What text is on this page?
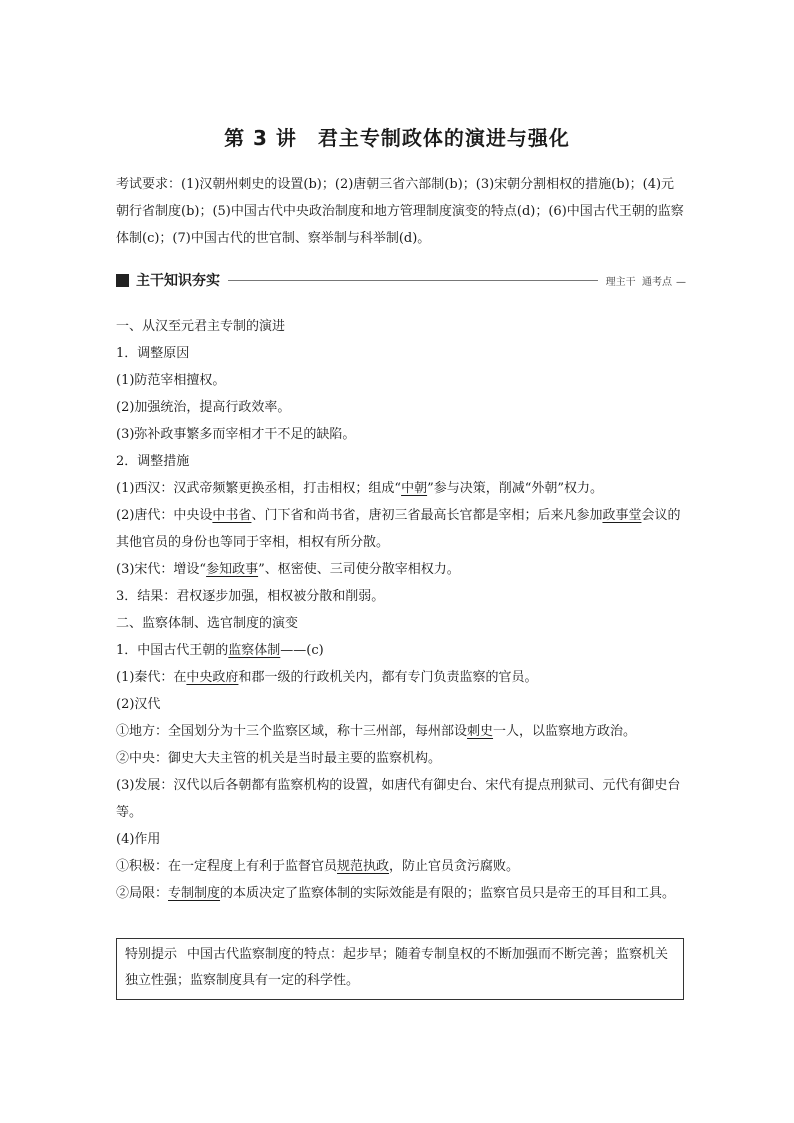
第 3 讲　君主专制政体的演进与强化

考试要求：(1)汉朝州刺史的设置(b)；(2)唐朝三省六部制(b)；(3)宋朝分割相权的措施(b)；(4)元朝行省制度(b)；(5)中国古代中央政治制度和地方管理制度演变的特点(d)；(6)中国古代王朝的监察体制(c)；(7)中国古代的世官制、察举制与科举制(d)。

主干知识夯实	理主干 通考点 —

一、从汉至元君主专制的演进

1．调整原因

(1)防范宰相擅权。

(2)加强统治，提高行政效率。

(3)弥补政事繁多而宰相才干不足的缺陷。

2．调整措施

(1)西汉：汉武帝频繁更换丞相，打击相权；组成“中朝”参与决策，削减“外朝”权力。

(2)唐代：中央设中书省、门下省和尚书省，唐初三省最高长官都是宰相；后来凡参加政事堂会议的其他官员的身份也等同于宰相，相权有所分散。

(3)宋代：增设“参知政事”、枢密使、三司使分散宰相权力。

3．结果：君权逐步加强，相权被分散和削弱。

二、监察体制、选官制度的演变

1．中国古代王朝的监察体制——(c)

(1)秦代：在中央政府和郡一级的行政机关内，都有专门负责监察的官员。

(2)汉代

①地方：全国划分为十三个监察区域，称十三州部，每州部设刺史一人，以监察地方政治。

②中央：御史大夫主管的机关是当时最主要的监察机构。

(3)发展：汉代以后各朝都有监察机构的设置，如唐代有御史台、宋代有提点刑狱司、元代有御史台等。

(4)作用

①积极：在一定程度上有利于监督官员规范执政，防止官员贪污腐败。

②局限：专制制度的本质决定了监察体制的实际效能是有限的；监察官员只是帝王的耳目和工具。

特别提示 中国古代监察制度的特点：起步早；随着专制皇权的不断加强而不断完善；监察机关独立性强；监察制度具有一定的科学性。
